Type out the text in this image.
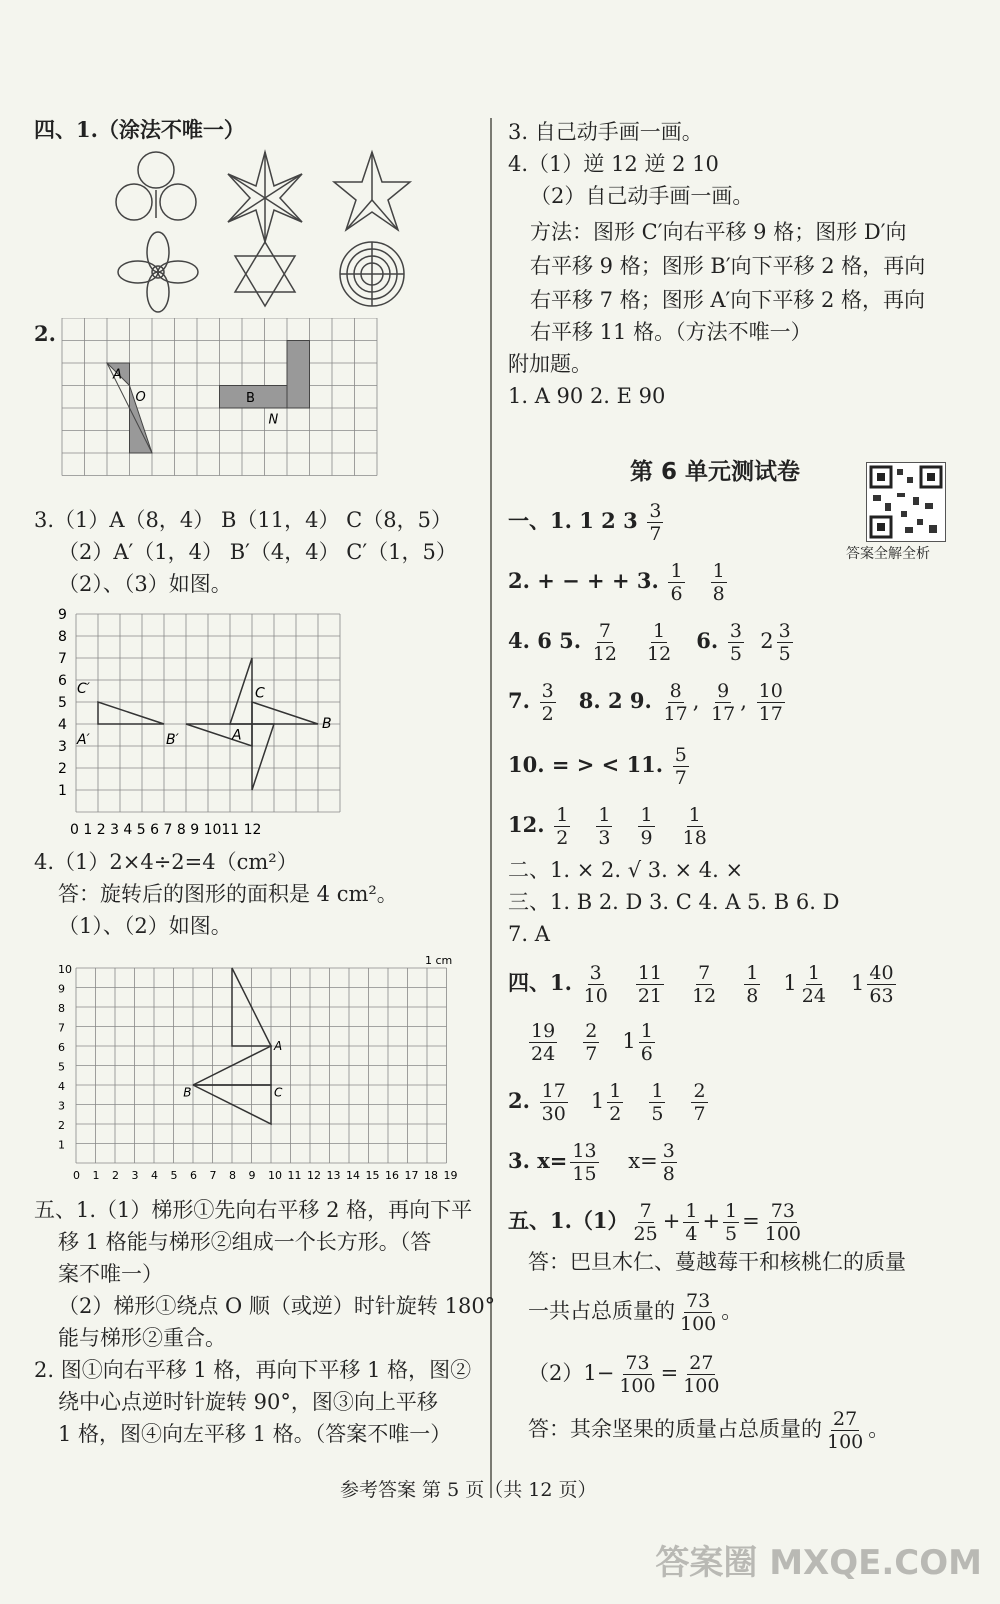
四、1.（涂法不唯一）
2.
A
O	B
N
3.（1）A（8，4） B（11，4） C（8，5）
（2）A′（1，4） B′（4，4） C′（1，5）
（2）、（3）如图。
9
8
7
6
5
4
3
2
1
0 1 2 3 4 5 6 7 8 9 1011 12
C′
A′	B′
C
A
B
4.（1）2×4÷2=4（cm²）
答：旋转后的图形的面积是 4 cm²。
（1）、（2）如图。
10
9
8
7
6
5
4
3
2
1
0 1 2 3 4 5 6 7 8 9 10 11 12 13 14 15 16 17 18 19
1 cm
A
B	C
五、1.（1）梯形①先向右平移 2 格，再向下平
移 1 格能与梯形②组成一个长方形。（答
案不唯一）
（2）梯形①绕点 O 顺（或逆）时针旋转 180°
能与梯形②重合。
2. 图①向右平移 1 格，再向下平移 1 格，图②
绕中心点逆时针旋转 90°，图③向上平移
1 格，图④向左平移 1 格。（答案不唯一）
3. 自己动手画一画。
4.（1）逆 12 逆 2 10
（2）自己动手画一画。
方法：图形 C′向右平移 9 格；图形 D′向
右平移 9 格；图形 B′向下平移 2 格，再向
右平移 7 格；图形 A′向下平移 2 格，再向
右平移 11 格。（方法不唯一）
附加题。
1. A 90 2. E 90
第 6 单元测试卷
答案全解全析
一、1. 1 2 $3 \frac{3}{7}$
2. + − + + 3. $\frac{1}{6}$
$\frac{1}{8}$
4. 6 5. $\frac{7}{12}$
$\frac{1}{12} 6$. $\frac{3}{5} 2 \frac{3}{5}$
7. $\frac{3}{2} 8$. 2 9. $\frac{8}{17}$ , $\frac{9}{17}$ , $\frac{10}{17}$
10. = > < 11. $\frac{5}{7}$
12. $\frac{1}{2}$
$\frac{1}{3}$
$\frac{1}{9}$
$\frac{1}{18}$
二、1. × 2. √ 3. × 4. ×
三、1. B 2. D 3. C 4. A 5. B 6. D
7. A
四、1. $\frac{3}{10}$
$\frac{11}{21}$
$\frac{7}{12}$
$\frac{1}{8} 1 \frac{1}{24} 1 \frac{40}{63}$
$\frac{19}{24}$
$\frac{2}{7} 1 \frac{1}{6}$
2. $\frac{17}{30} 1 \frac{1}{2}$
$\frac{1}{5}$
$\frac{2}{7}$
3. $x= \frac{13}{15} x= \frac{3}{8}$
五、$1.(1) \frac{7}{25} + \frac{1}{4} + \frac{1}{5} = \frac{73}{100}$
答：巴旦木仁、蔓越莓干和核桃仁的质量
一共占总质量的 $\frac{73}{100}$ 。
$(2)1- \frac{73}{100} = \frac{27}{100}$
答：其余坚果的质量占总质量的 $\frac{27}{100}$ 。
参考答案 第 5 页（共 12 页）
答案圈 MXQE.COM
